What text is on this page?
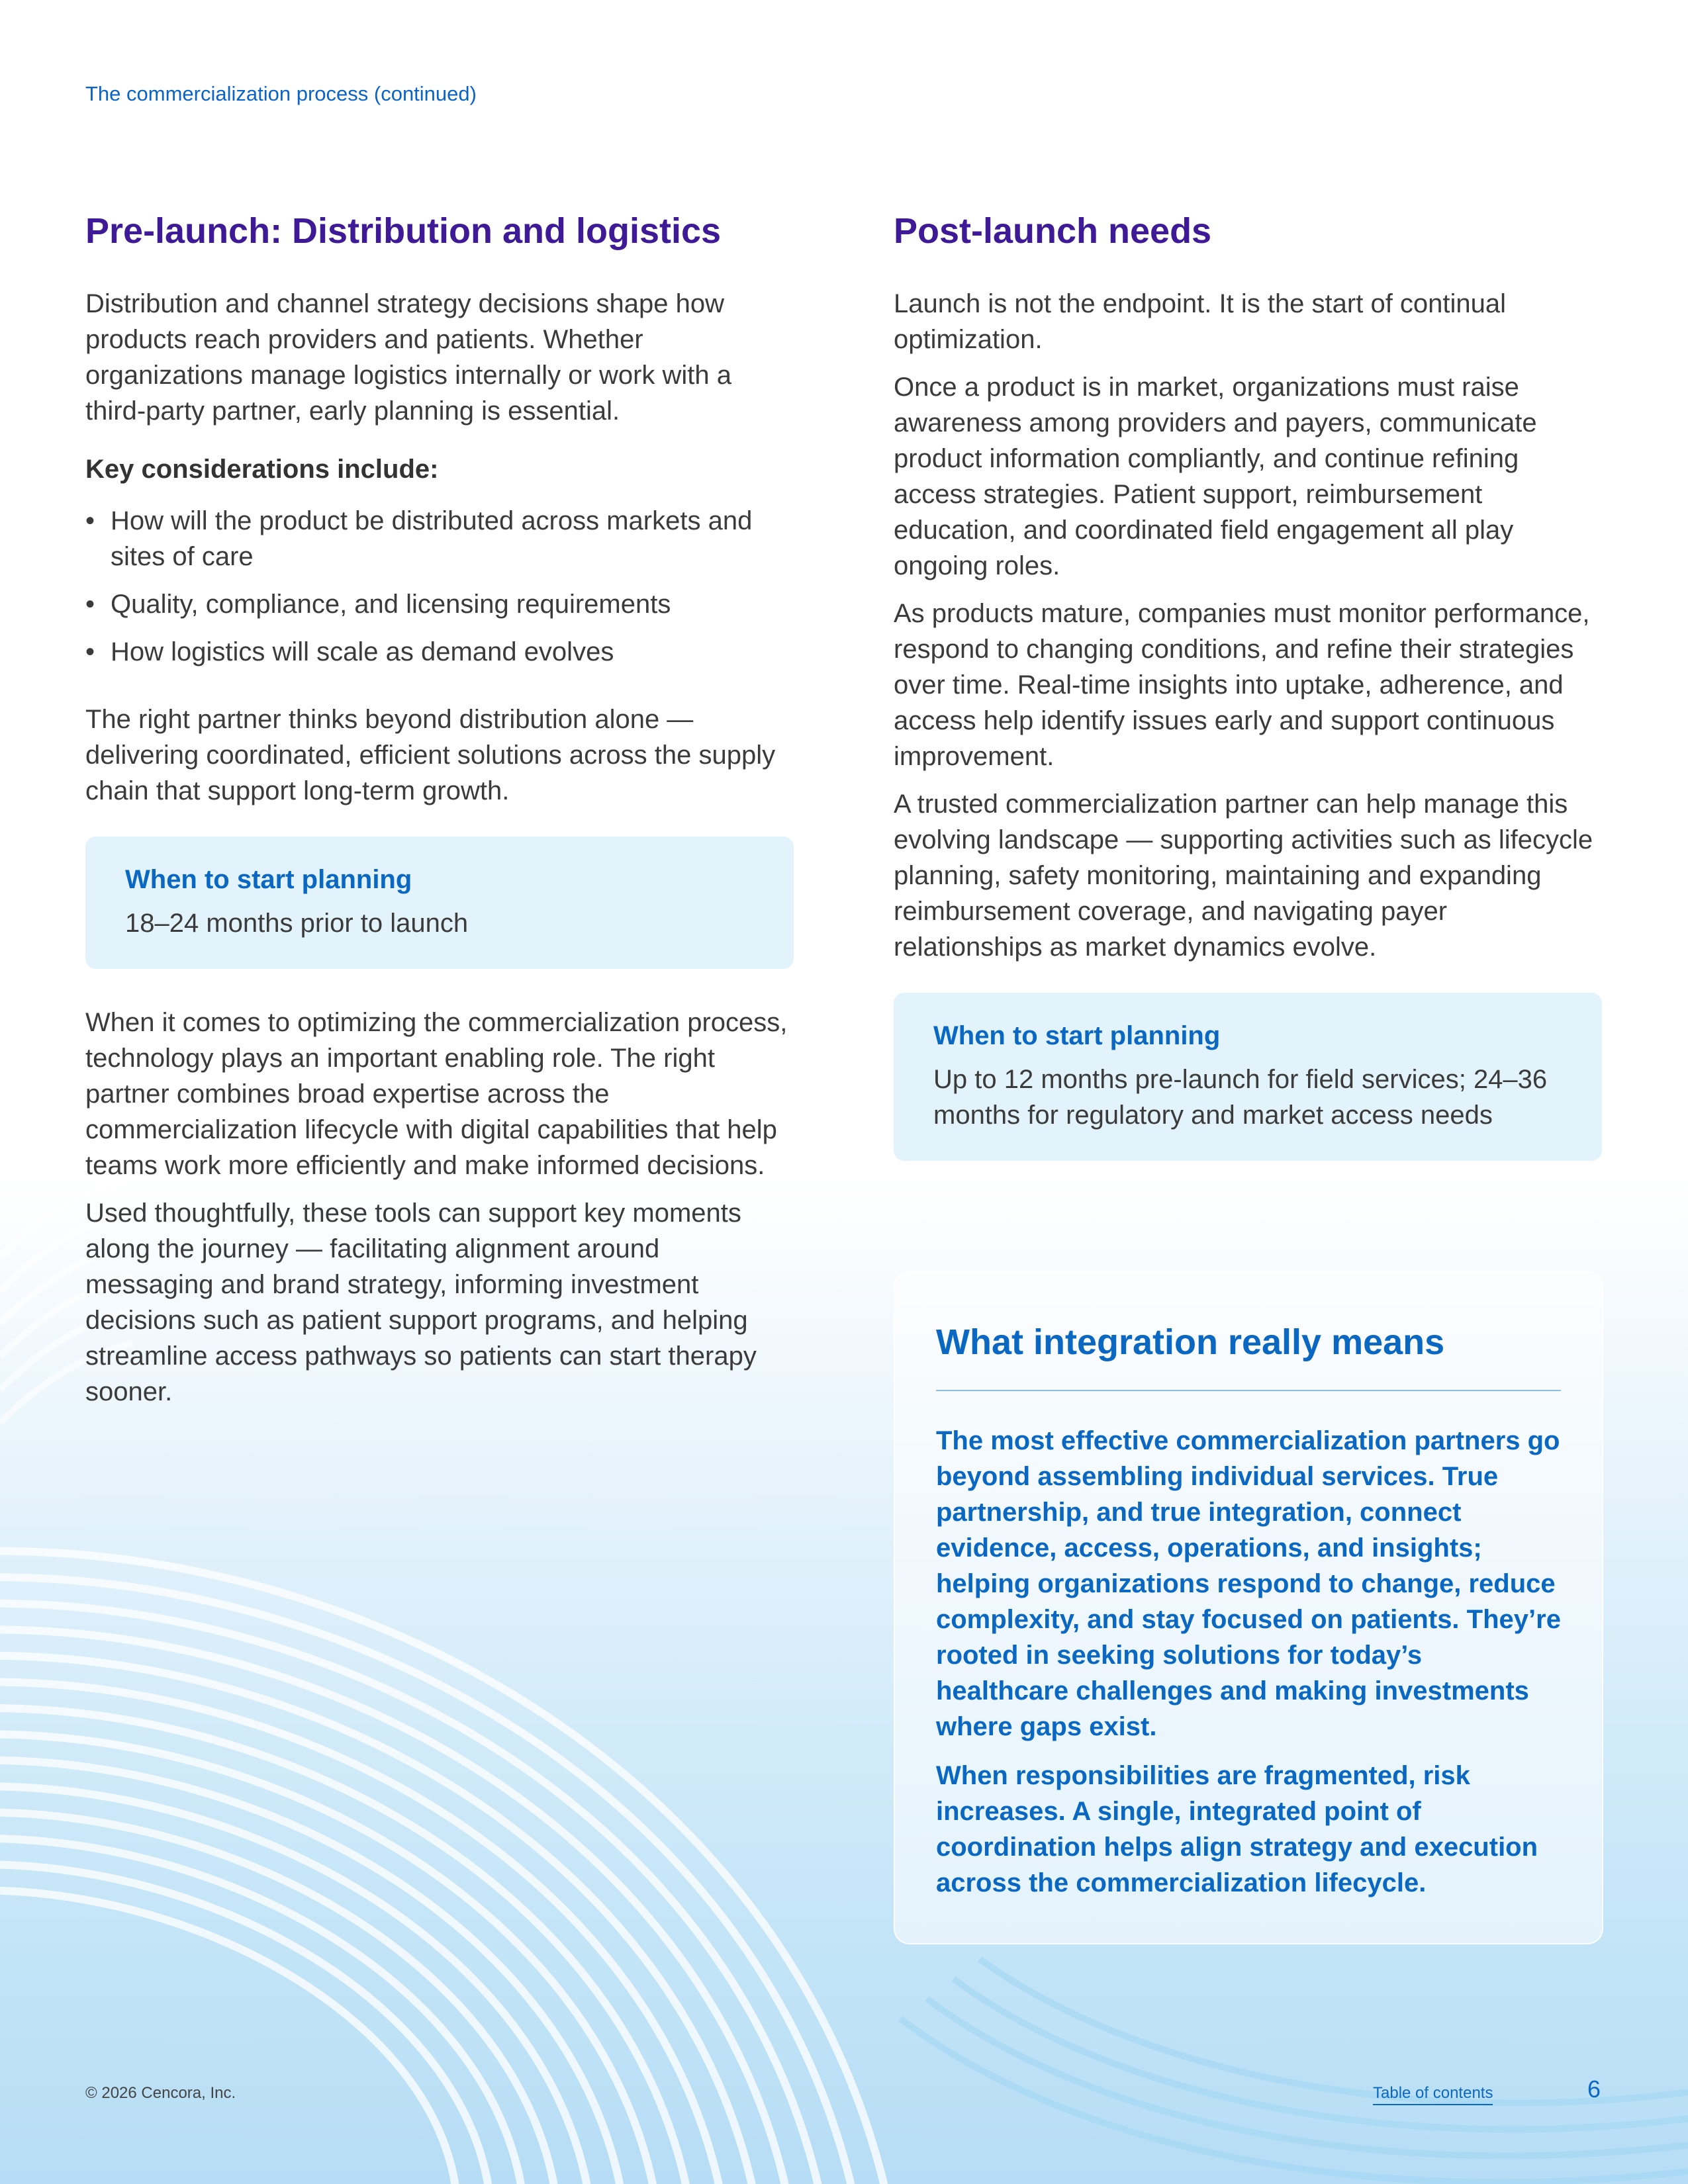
The commercialization process (continued)
Pre-launch: Distribution and logistics

Distribution and channel strategy decisions shape how products reach providers and patients. Whether organizations manage logistics internally or work with a third-party partner, early planning is essential.

Key considerations include:

• How will the product be distributed across markets and sites of care
• Quality, compliance, and licensing requirements
• How logistics will scale as demand evolves

The right partner thinks beyond distribution alone — delivering coordinated, efficient solutions across the supply chain that support long-term growth.

When to start planning
18–24 months prior to launch

When it comes to optimizing the commercialization process, technology plays an important enabling role. The right partner combines broad expertise across the commercialization lifecycle with digital capabilities that help teams work more efficiently and make informed decisions.

Used thoughtfully, these tools can support key moments along the journey — facilitating alignment around messaging and brand strategy, informing investment decisions such as patient support programs, and helping streamline access pathways so patients can start therapy sooner.

Post-launch needs

Launch is not the endpoint. It is the start of continual optimization.

Once a product is in market, organizations must raise awareness among providers and payers, communicate product information compliantly, and continue refining access strategies. Patient support, reimbursement education, and coordinated field engagement all play ongoing roles.

As products mature, companies must monitor performance, respond to changing conditions, and refine their strategies over time. Real-time insights into uptake, adherence, and access help identify issues early and support continuous improvement.

A trusted commercialization partner can help manage this evolving landscape — supporting activities such as lifecycle planning, safety monitoring, maintaining and expanding reimbursement coverage, and navigating payer relationships as market dynamics evolve.

When to start planning
Up to 12 months pre-launch for field services; 24–36 months for regulatory and market access needs
What integration really means

The most effective commercialization partners go beyond assembling individual services. True partnership, and true integration, connect evidence, access, operations, and insights; helping organizations respond to change, reduce complexity, and stay focused on patients. They’re rooted in seeking solutions for today’s healthcare challenges and making investments where gaps exist.

When responsibilities are fragmented, risk increases. A single, integrated point of coordination helps align strategy and execution across the commercialization lifecycle.

© 2026 Cencora, Inc.	Table of contents	6
